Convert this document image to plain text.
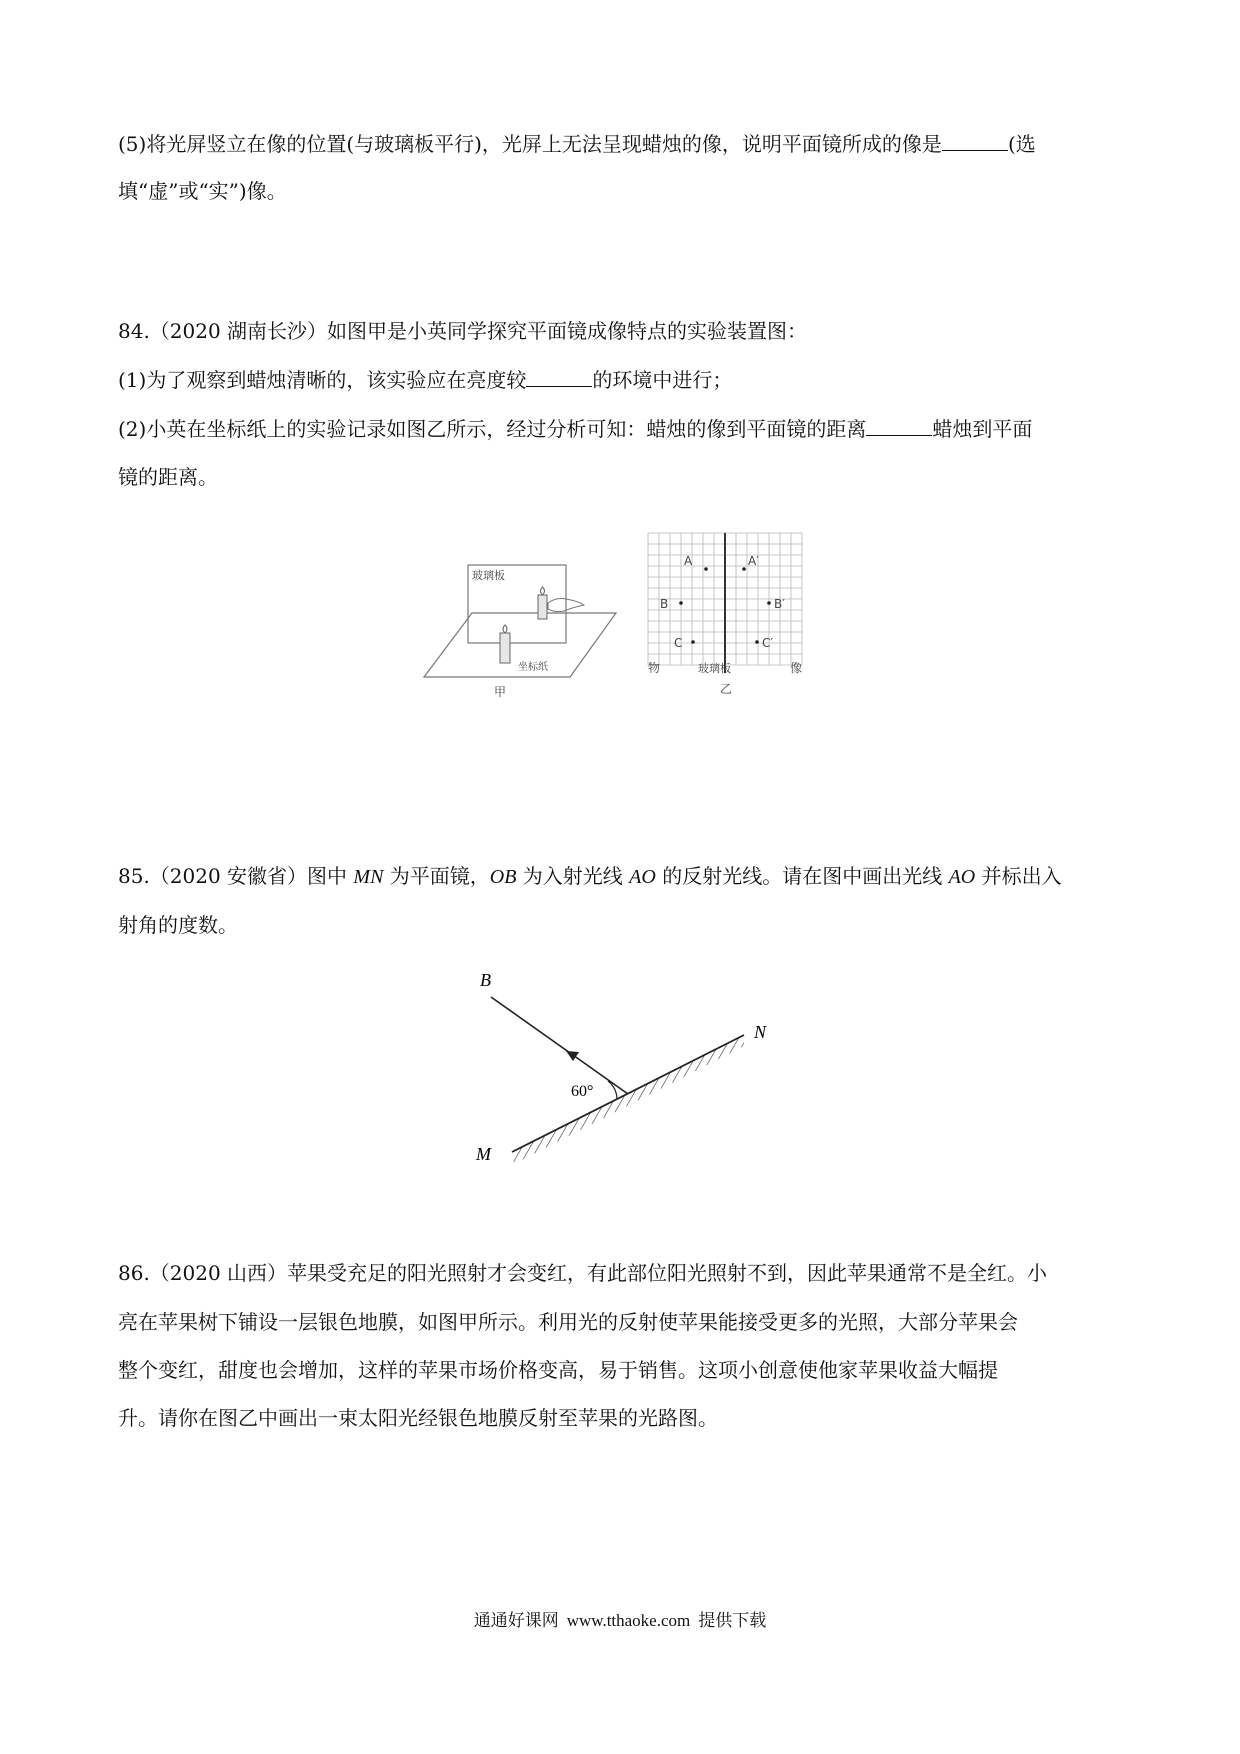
(5)将光屏竖立在像的位置(与玻璃板平行)，光屏上无法呈现蜡烛的像，说明平面镜所成的像是	(选
填“虚”或“实”)像。
84.（2020 湖南长沙）如图甲是小英同学探究平面镜成像特点的实验装置图：
(1)为了观察到蜡烛清晰的，该实验应在亮度较	的环境中进行；
(2)小英在坐标纸上的实验记录如图乙所示，经过分析可知：蜡烛的像到平面镜的距离	蜡烛到平面
镜的距离。
玻璃板
坐标纸
甲
A	A′
B	B′
C	C′
物	玻璃板	像
乙
85.（2020 安徽省）图中 MN 为平面镜，OB 为入射光线 AO 的反射光线。请在图中画出光线 AO 并标出入
射角的度数。
B
N
M
60°
86.（2020 山西）苹果受充足的阳光照射才会变红，有此部位阳光照射不到，因此苹果通常不是全红。小
亮在苹果树下铺设一层银色地膜，如图甲所示。利用光的反射使苹果能接受更多的光照，大部分苹果会
整个变红，甜度也会增加，这样的苹果市场价格变高，易于销售。这项小创意使他家苹果收益大幅提
升。请你在图乙中画出一束太阳光经银色地膜反射至苹果的光路图。
通通好课网 www.tthaoke.com 提供下载
